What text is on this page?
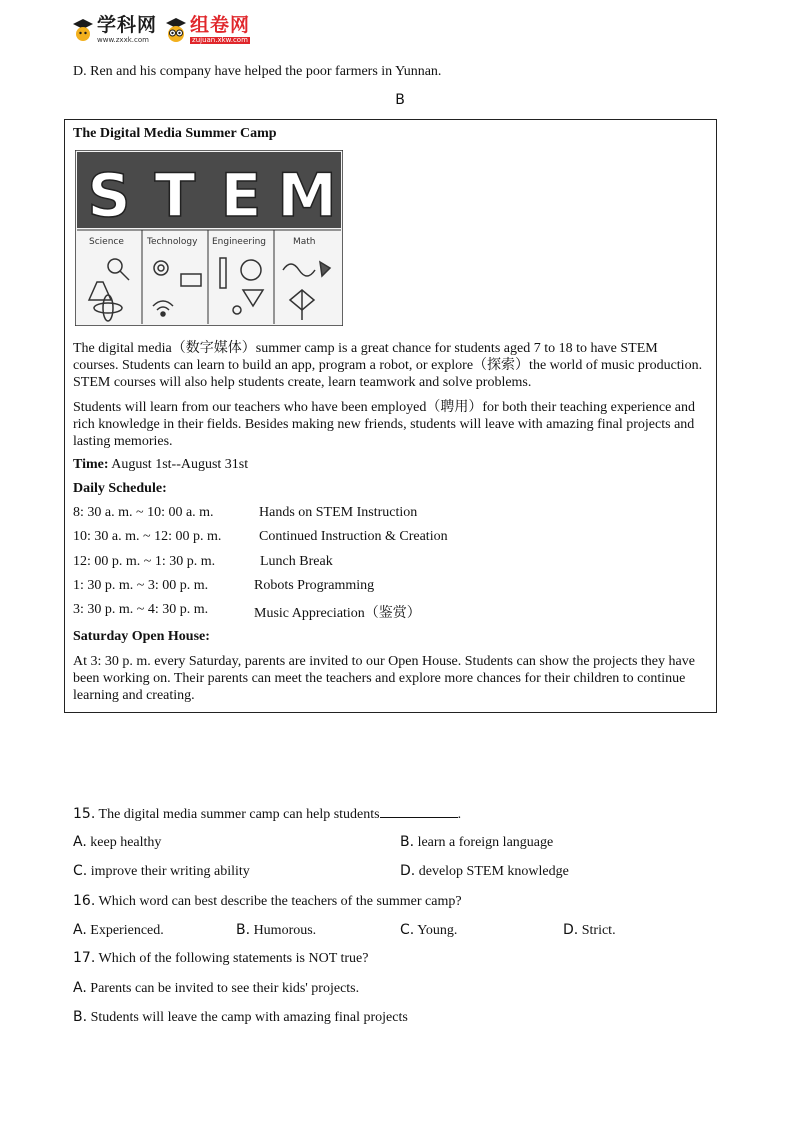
学科网
www.zxxk.com
组卷网
zujuan.xkw.com
D. Ren and his company have helped the poor farmers in Yunnan.
B
The Digital Media Summer Camp
S T E M
Science	Technology Engineering	Math
The digital media（数字媒体）summer camp is a great chance for students aged 7 to 18 to have STEM
courses. Students can learn to build an app, program a robot, or explore（探索）the world of music production.
STEM courses will also help students create, learn teamwork and solve problems.
Students will learn from our teachers who have been employed（聘用）for both their teaching experience and
rich knowledge in their fields. Besides making new friends, students will leave with amazing final projects and
lasting memories.
Time: August 1st--August 31st
Daily Schedule:
8: 30 a. m. ~ 10: 00 a. m.	Hands on STEM Instruction
10: 30 a. m. ~ 12: 00 p. m.	Continued Instruction & Creation
12: 00 p. m. ~ 1: 30 p. m.	Lunch Break
1: 30 p. m. ~ 3: 00 p. m.	Robots Programming
3: 30 p. m. ~ 4: 30 p. m.	Music Appreciation（鉴赏）
Saturday Open House:
At 3: 30 p. m. every Saturday, parents are invited to our Open House. Students can show the projects they have
been working on. Their parents can meet the teachers and explore more chances for their children to continue
learning and creating.
15. The digital media summer camp can help students	.
A. keep healthy	B. learn a foreign language
C. improve their writing ability	D. develop STEM knowledge
16. Which word can best describe the teachers of the summer camp?
A. Experienced.	B. Humorous.	C. Young.	D. Strict.
17. Which of the following statements is NOT true?
A. Parents can be invited to see their kids' projects.
B. Students will leave the camp with amazing final projects
